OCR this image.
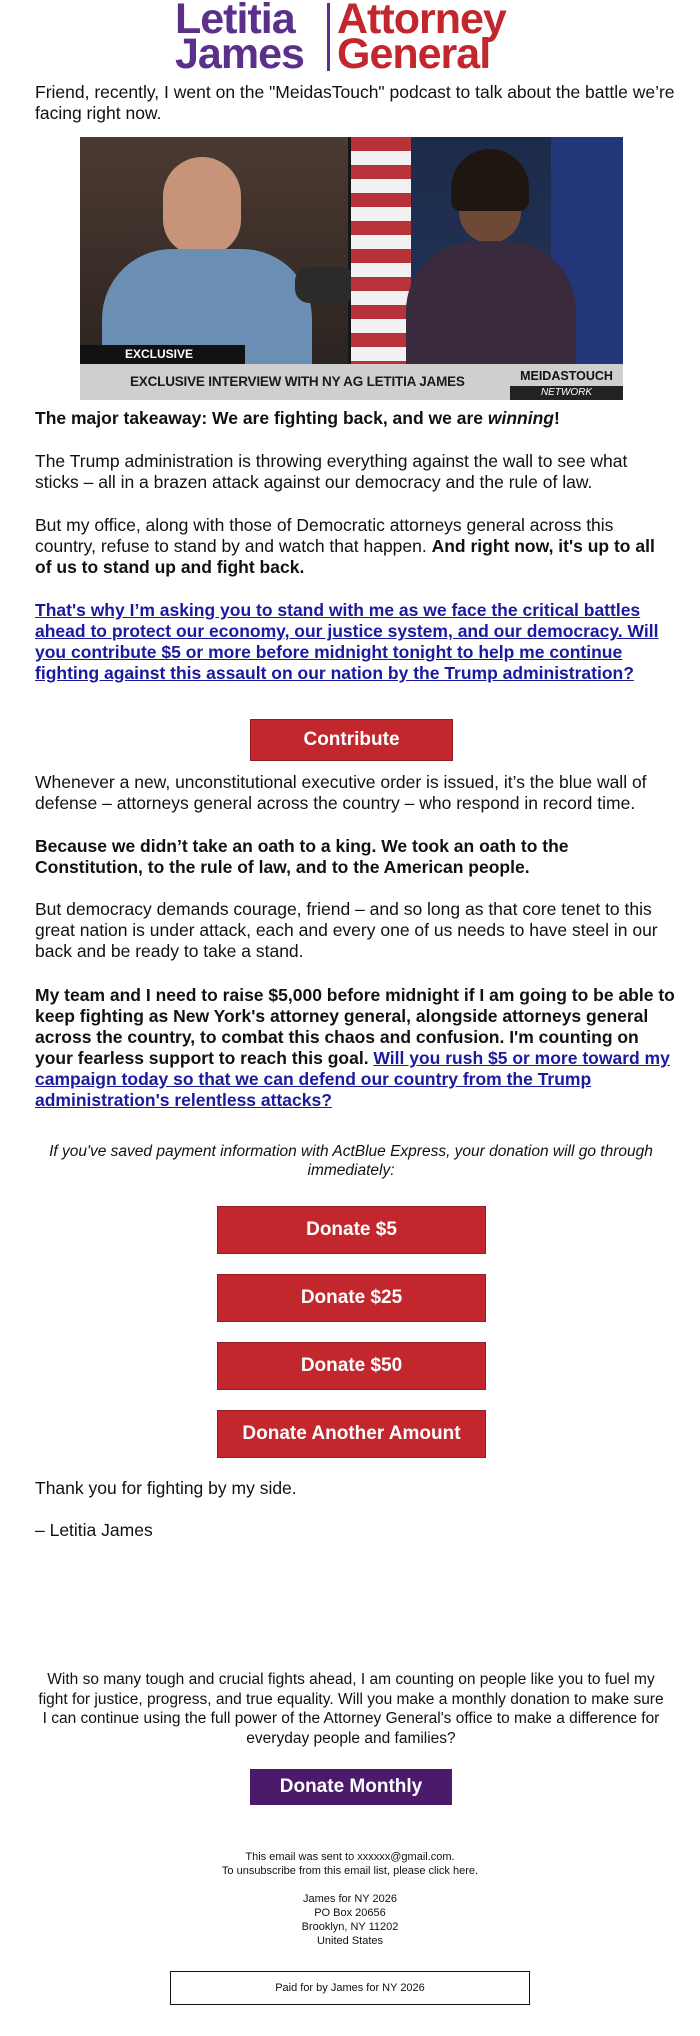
Letitia
James
Attorney
General

Friend, recently, I went on the "MeidasTouch" podcast to talk about the battle we’re facing right now.

EXCLUSIVE
EXCLUSIVE INTERVIEW WITH NY AG LETITIA JAMES	MEIDASTOUCH
NETWORK

The major takeaway: We are fighting back, and we are winning!

The Trump administration is throwing everything against the wall to see what sticks – all in a brazen attack against our democracy and the rule of law.

But my office, along with those of Democratic attorneys general across this country, refuse to stand by and watch that happen. And right now, it's up to all of us to stand up and fight back.

That's why I’m asking you to stand with me as we face the critical battles ahead to protect our economy, our justice system, and our democracy. Will you contribute $5 or more before midnight tonight to help me continue fighting against this assault on our nation by the Trump administration?

Contribute

Whenever a new, unconstitutional executive order is issued, it’s the blue wall of defense – attorneys general across the country – who respond in record time.

Because we didn’t take an oath to a king. We took an oath to the Constitution, to the rule of law, and to the American people.

But democracy demands courage, friend – and so long as that core tenet to this great nation is under attack, each and every one of us needs to have steel in our back and be ready to take a stand.

My team and I need to raise $5,000 before midnight if I am going to be able to keep fighting as New York's attorney general, alongside attorneys general across the country, to combat this chaos and confusion. I'm counting on your fearless support to reach this goal. Will you rush $5 or more toward my campaign today so that we can defend our country from the Trump administration's relentless attacks?

If you've saved payment information with ActBlue Express, your donation will go through immediately:

Donate $5
Donate $25
Donate $50
Donate Another Amount

Thank you for fighting by my side.

– Letitia James

With so many tough and crucial fights ahead, I am counting on people like you to fuel my fight for justice, progress, and true equality. Will you make a monthly donation to make sure I can continue using the full power of the Attorney General's office to make a difference for everyday people and families?

Donate Monthly

This email was sent to xxxxxx@gmail.com.

To unsubscribe from this email list, please click here.

James for NY 2026

PO Box 20656

Brooklyn, NY 11202

United States

Paid for by James for NY 2026
